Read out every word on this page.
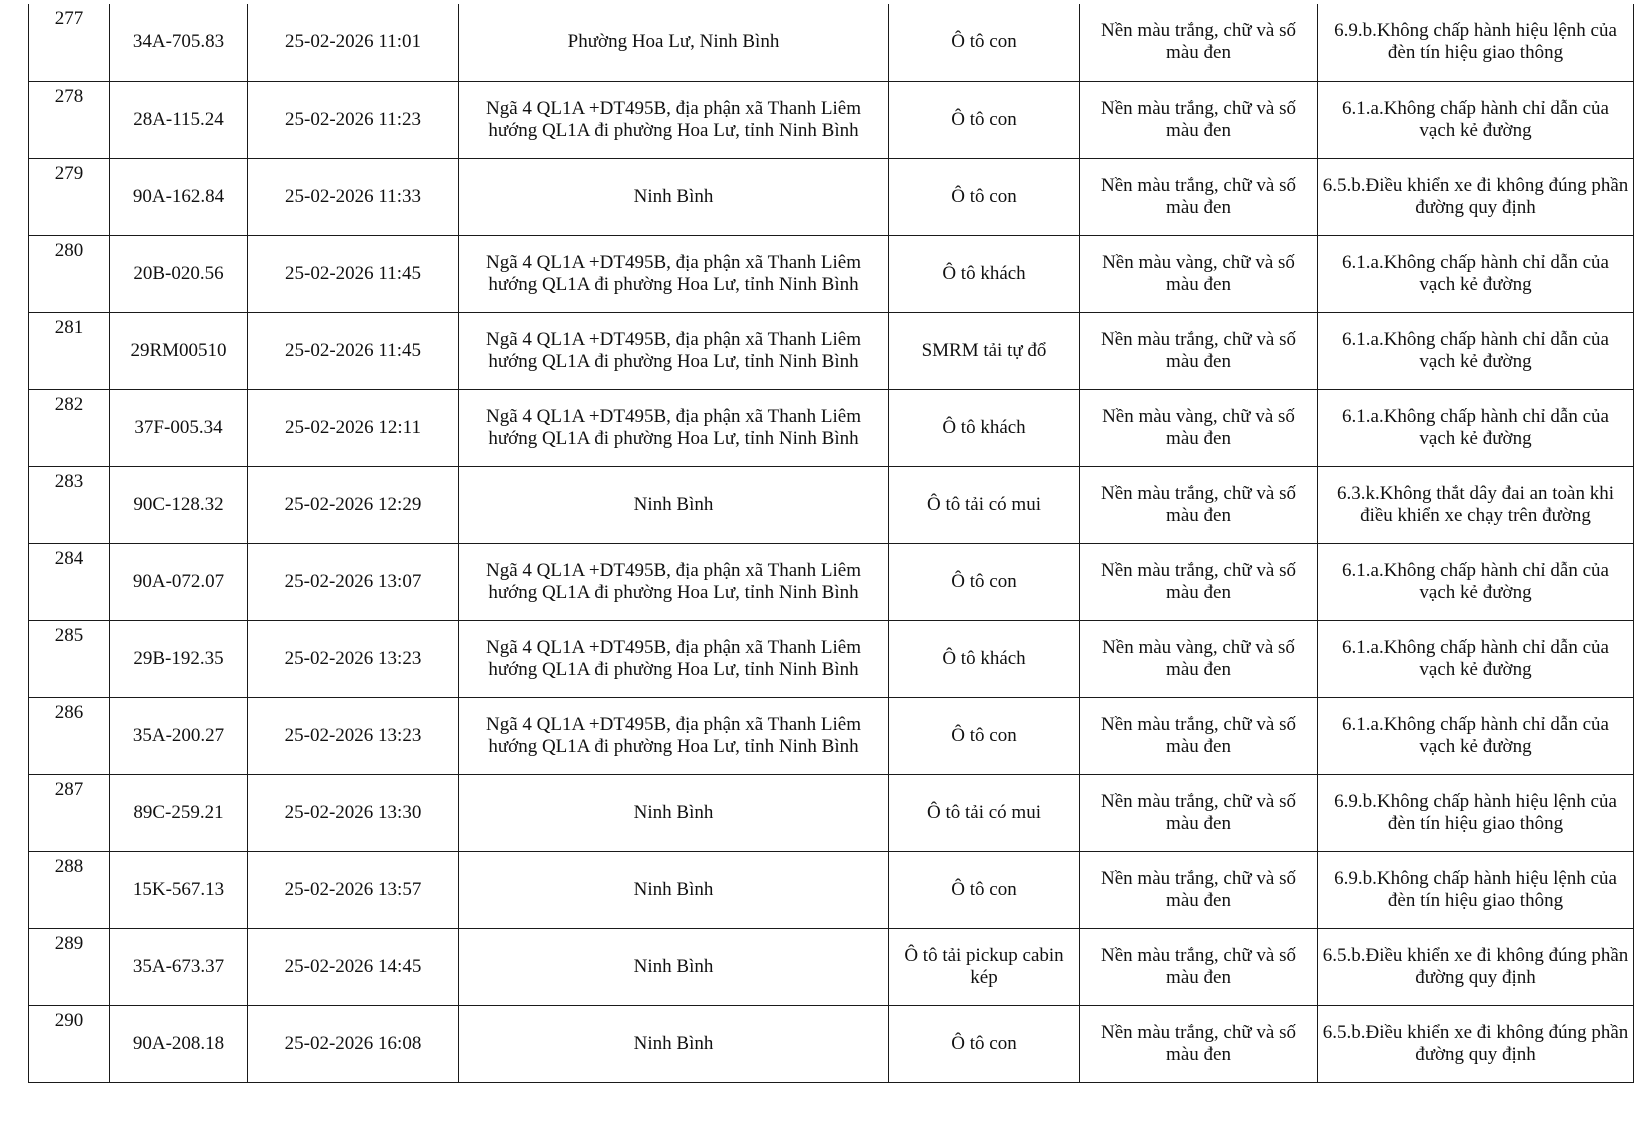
277	34A-705.83	25-02-2026 11:01	Phường Hoa Lư, Ninh Bình	Ô tô con	Nền màu trắng, chữ và số màu đen	6.9.b.Không chấp hành hiệu lệnh của đèn tín hiệu giao thông
278	28A-115.24	25-02-2026 11:23	Ngã 4 QL1A +DT495B, địa phận xã Thanh Liêm hướng QL1A đi phường Hoa Lư, tỉnh Ninh Bình	Ô tô con	Nền màu trắng, chữ và số màu đen	6.1.a.Không chấp hành chỉ dẫn của vạch kẻ đường
279	90A-162.84	25-02-2026 11:33	Ninh Bình	Ô tô con	Nền màu trắng, chữ và số màu đen	6.5.b.Điều khiển xe đi không đúng phần đường quy định
280	20B-020.56	25-02-2026 11:45	Ngã 4 QL1A +DT495B, địa phận xã Thanh Liêm hướng QL1A đi phường Hoa Lư, tỉnh Ninh Bình	Ô tô khách	Nền màu vàng, chữ và số màu đen	6.1.a.Không chấp hành chỉ dẫn của vạch kẻ đường
281	29RM00510	25-02-2026 11:45	Ngã 4 QL1A +DT495B, địa phận xã Thanh Liêm hướng QL1A đi phường Hoa Lư, tỉnh Ninh Bình	SMRM tải tự đổ	Nền màu trắng, chữ và số màu đen	6.1.a.Không chấp hành chỉ dẫn của vạch kẻ đường
282	37F-005.34	25-02-2026 12:11	Ngã 4 QL1A +DT495B, địa phận xã Thanh Liêm hướng QL1A đi phường Hoa Lư, tỉnh Ninh Bình	Ô tô khách	Nền màu vàng, chữ và số màu đen	6.1.a.Không chấp hành chỉ dẫn của vạch kẻ đường
283	90C-128.32	25-02-2026 12:29	Ninh Bình	Ô tô tải có mui	Nền màu trắng, chữ và số màu đen	6.3.k.Không thắt dây đai an toàn khi điều khiển xe chạy trên đường
284	90A-072.07	25-02-2026 13:07	Ngã 4 QL1A +DT495B, địa phận xã Thanh Liêm hướng QL1A đi phường Hoa Lư, tỉnh Ninh Bình	Ô tô con	Nền màu trắng, chữ và số màu đen	6.1.a.Không chấp hành chỉ dẫn của vạch kẻ đường
285	29B-192.35	25-02-2026 13:23	Ngã 4 QL1A +DT495B, địa phận xã Thanh Liêm hướng QL1A đi phường Hoa Lư, tỉnh Ninh Bình	Ô tô khách	Nền màu vàng, chữ và số màu đen	6.1.a.Không chấp hành chỉ dẫn của vạch kẻ đường
286	35A-200.27	25-02-2026 13:23	Ngã 4 QL1A +DT495B, địa phận xã Thanh Liêm hướng QL1A đi phường Hoa Lư, tỉnh Ninh Bình	Ô tô con	Nền màu trắng, chữ và số màu đen	6.1.a.Không chấp hành chỉ dẫn của vạch kẻ đường
287	89C-259.21	25-02-2026 13:30	Ninh Bình	Ô tô tải có mui	Nền màu trắng, chữ và số màu đen	6.9.b.Không chấp hành hiệu lệnh của đèn tín hiệu giao thông
288	15K-567.13	25-02-2026 13:57	Ninh Bình	Ô tô con	Nền màu trắng, chữ và số màu đen	6.9.b.Không chấp hành hiệu lệnh của đèn tín hiệu giao thông
289	35A-673.37	25-02-2026 14:45	Ninh Bình	Ô tô tải pickup cabin kép	Nền màu trắng, chữ và số màu đen	6.5.b.Điều khiển xe đi không đúng phần đường quy định
290	90A-208.18	25-02-2026 16:08	Ninh Bình	Ô tô con	Nền màu trắng, chữ và số màu đen	6.5.b.Điều khiển xe đi không đúng phần đường quy định
